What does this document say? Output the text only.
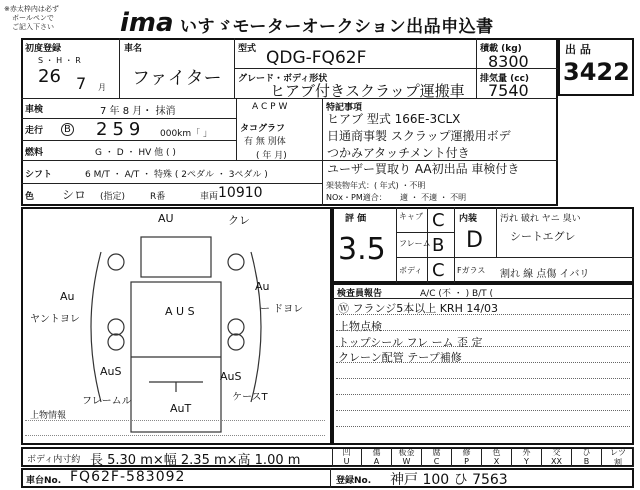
※赤太枠内は必ず
ボールペンで
ご記入下さい	ima いすゞモーターオークション出品申込書
出 品
3422
初度登録
S ・ H ・ R
26 7 月
車名
ファイター
型式 QDG-FQ62F
グレード・ボディ形状
ヒアブ付きスクラップ運搬車
積載 (kg)
8300
排気量 (cc)
7540
車検	7 年 8 月・ 抹消
走行	B 259 000km「 」
燃料	G ・ D ・ HV 他 ( )
A C P W
タコグラフ
有 無 別体
( 年 月)
特記事項
ヒアブ 型式 166E-3CLX
日通商事製 スクラップ運搬用ボデ
つかみアタッチメント付き
ユーザー買取り AA初出品 車検付き
架装物年式：( 年式) ・不明
NOx・PM適合： 適 ・ 不適 ・ 不明
シフト	6 M/T ・ A/T ・ 特殊 ( 2ペダル ・ 3ペダル )
色 シロ (指定)	R番	車両 10910
評 価
3.5
キャブ C
フレーム B
ボディ C
内装
D
汚れ 破れ ヤニ 臭い
シートエグレ
Fガラス 割れ 線 点傷 イバリ
検査員報告	A/C (不 ・ ) B/T (
Ⓦ フランジ5本以上 KRH 14/03
上物点検
トップシール フレ ーム 歪 定
クレーン配管 テープ補修
AU	クレ
Au
ヤントヨレ
Au
ー ドヨレ
A U S
AuS
フレームル
AuS
ケースT
AuT
上物情報
ボディ内寸約 長 5.30 m×幅 2.35 m×高 1.00 m
凹	傷	板金	腐	修	色	外	交	ひ	レツ
U	A	W	C	P	X	Y	XX	B	割
車台No. FQ62F-583092	登録No. 神戸 100 ひ 7563
